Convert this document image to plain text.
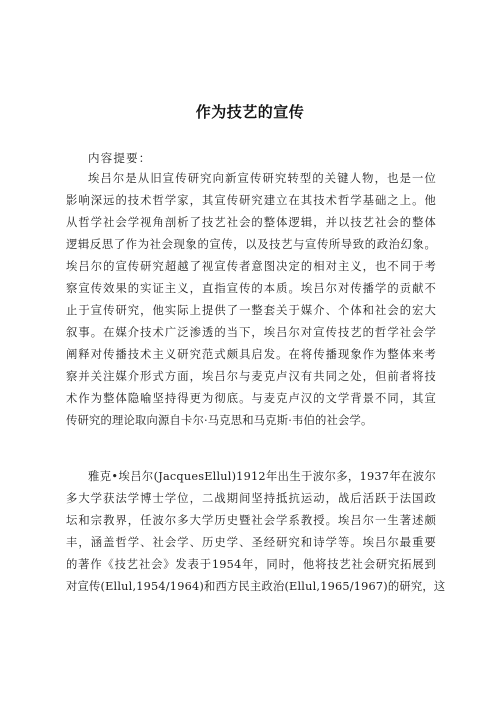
作为技艺的宣传
内容提要：
埃吕尔是从旧宣传研究向新宣传研究转型的关键人物，也是一位
影响深远的技术哲学家，其宣传研究建立在其技术哲学基础之上。他
从哲学社会学视角剖析了技艺社会的整体逻辑，并以技艺社会的整体
逻辑反思了作为社会现象的宣传，以及技艺与宣传所导致的政治幻象。
埃吕尔的宣传研究超越了视宣传者意图决定的相对主义，也不同于考
察宣传效果的实证主义，直指宣传的本质。埃吕尔对传播学的贡献不
止于宣传研究，他实际上提供了一整套关于媒介、个体和社会的宏大
叙事。在媒介技术广泛渗透的当下，埃吕尔对宣传技艺的哲学社会学
阐释对传播技术主义研究范式颇具启发。在将传播现象作为整体来考
察并关注媒介形式方面，埃吕尔与麦克卢汉有共同之处，但前者将技
术作为整体隐喻坚持得更为彻底。与麦克卢汉的文学背景不同，其宣
传研究的理论取向源自卡尔·马克思和马克斯·韦伯的社会学。
雅克•埃吕尔(JacquesEllul)1912年出生于波尔多，1937年在波尔
多大学获法学博士学位，二战期间坚持抵抗运动，战后活跃于法国政
坛和宗教界，任波尔多大学历史暨社会学系教授。埃吕尔一生著述颇
丰，涵盖哲学、社会学、历史学、圣经研究和诗学等。埃吕尔最重要
的著作《技艺社会》发表于1954年，同时，他将技艺社会研究拓展到
对宣传(Ellul,1954/1964)和西方民主政治(Ellul,1965/1967)的研究，这
